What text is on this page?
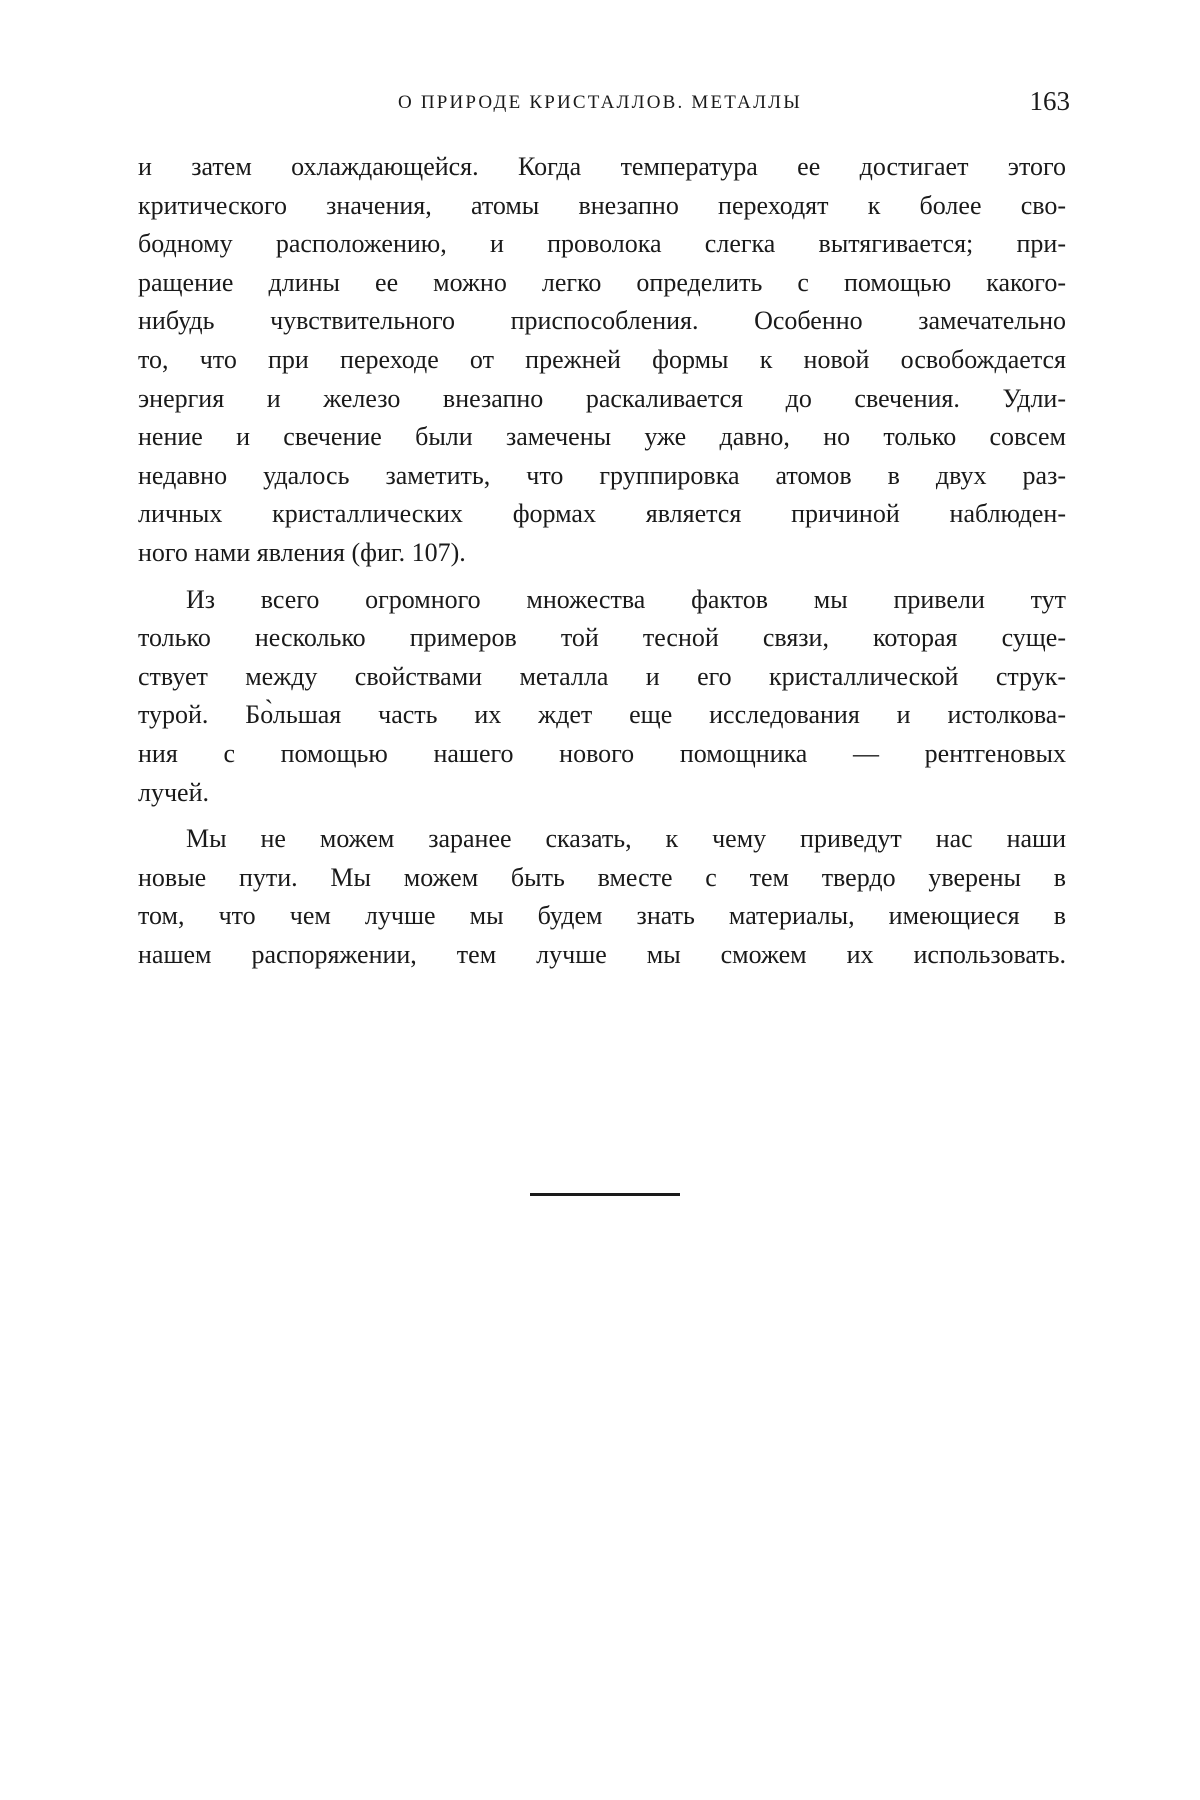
О ПРИРОДЕ КРИСТАЛЛОВ. МЕТАЛЛЫ	163
и затем охлаждающейся. Когда температура ее достигает этого
критического значения, атомы внезапно переходят к более сво-
бодному расположению, и проволока слегка вытягивается; при-
ращение длины ее можно легко определить с помощью какого-
нибудь чувствительного приспособления. Особенно замечательно
то, что при переходе от прежней формы к новой освобождается
энергия и железо внезапно раскаливается до свечения. Удли-
нение и свечение были замечены уже давно, но только совсем
недавно удалось заметить, что группировка атомов в двух раз-
личных кристаллических формах является причиной наблюден-
ного нами явления (фиг. 107).
Из всего огромного множества фактов мы привели тут
только несколько примеров той тесной связи, которая суще-
ствует между свойствами металла и его кристаллической струк-
турой. Бо̀льшая часть их ждет еще исследования и истолкова-
ния с помощью нашего нового помощника — рентгеновых
лучей.
Мы не можем заранее сказать, к чему приведут нас наши
новые пути. Мы можем быть вместе с тем твердо уверены в
том, что чем лучше мы будем знать материалы, имеющиеся в
нашем распоряжении, тем лучше мы сможем их использовать.
